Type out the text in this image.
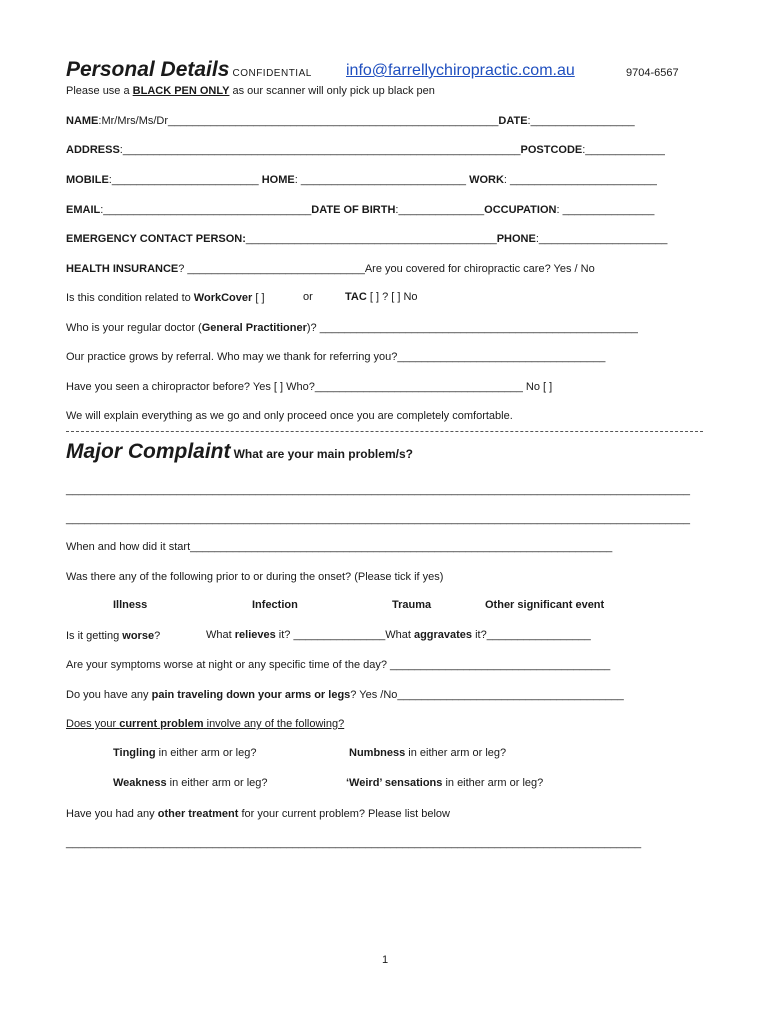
Personal Details CONFIDENTIAL info@farrellychiropractic.com.au	9704-6567
Please use a BLACK PEN ONLY as our scanner will only pick up black pen
NAME:Mr/Mrs/Ms/Dr______________________________________________________DATE:_________________
ADDRESS:_________________________________________________________________POSTCODE:_____________
MOBILE:________________________ HOME: ___________________________ WORK: ________________________
EMAIL:__________________________________DATE OF BIRTH:______________OCCUPATION: _______________
EMERGENCY CONTACT PERSON:_________________________________________PHONE:_____________________
HEALTH INSURANCE? _____________________________Are you covered for chiropractic care? Yes / No
Is this condition related to WorkCover [ ]	or	TAC [ ] ? [ ] No
Who is your regular doctor (General Practitioner)? ____________________________________________________
Our practice grows by referral. Who may we thank for referring you?__________________________________
Have you seen a chiropractor before? Yes [ ] Who?__________________________________ No [ ]
We will explain everything as we go and only proceed once you are completely comfortable.
Major Complaint What are your main problem/s?
______________________________________________________________________________________________________
______________________________________________________________________________________________________
When and how did it start_____________________________________________________________________
Was there any of the following prior to or during the onset? (Please tick if yes)
Illness	Infection	Trauma	Other significant event
Is it getting worse?	What relieves it? _______________What aggravates it?_________________
Are your symptoms worse at night or any specific time of the day? ____________________________________
Do you have any pain traveling down your arms or legs? Yes /No_____________________________________
Does your current problem involve any of the following?
Tingling in either arm or leg?	Numbness in either arm or leg?
Weakness in either arm or leg?	‘Weird’ sensations in either arm or leg?
Have you had any other treatment for your current problem? Please list below
______________________________________________________________________________________________
1
